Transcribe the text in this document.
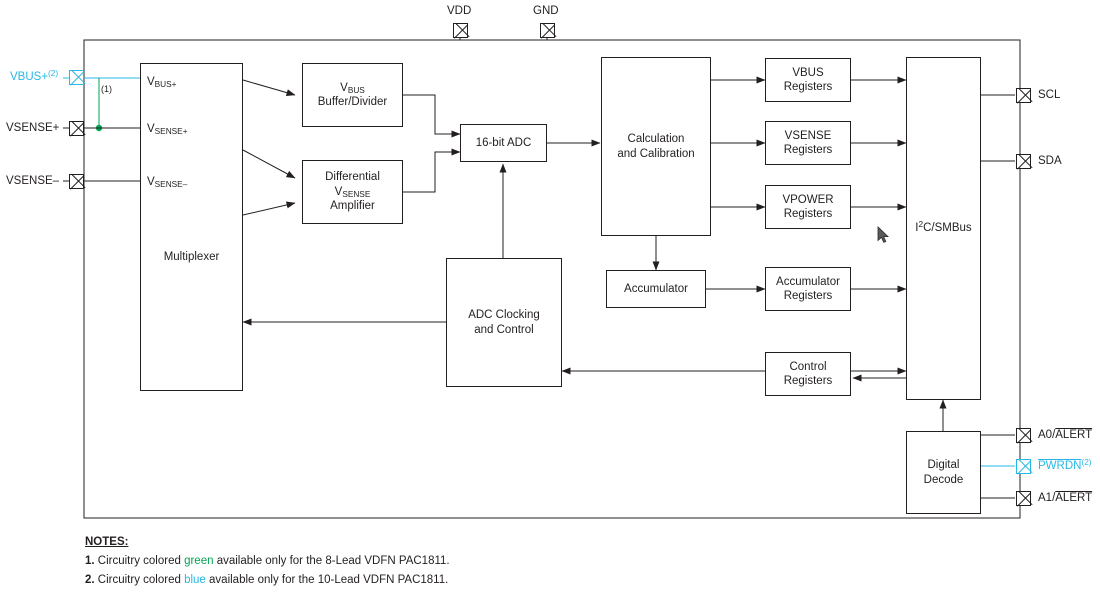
VDD	GND
VBUS+$^{(2)}$
VSENSE+
VSENSE–
(1)	SCL
SDA
A0/ALERT
PWRDN$^{(2)}$
A1/ALERT
Multiplexer
$V_{BUS+}$
$V_{SENSE+}$
$V_{SENSE-}$
$V_{BUS}$
Buffer/Divider
Differential
$V_{SENSE}$
Amplifier
16-bit ADC	Calculation
and Calibration
ADC Clocking
and Control
Accumulator
VBUS
Registers
VSENSE
Registers
VPOWER
Registers
Accumulator
Registers
Control
Registers
$I^2C$/SMBus
Digital
Decode
NOTES:
1. Circuitry colored green available only for the 8-Lead VDFN PAC1811.
2. Circuitry colored blue available only for the 10-Lead VDFN PAC1811.
